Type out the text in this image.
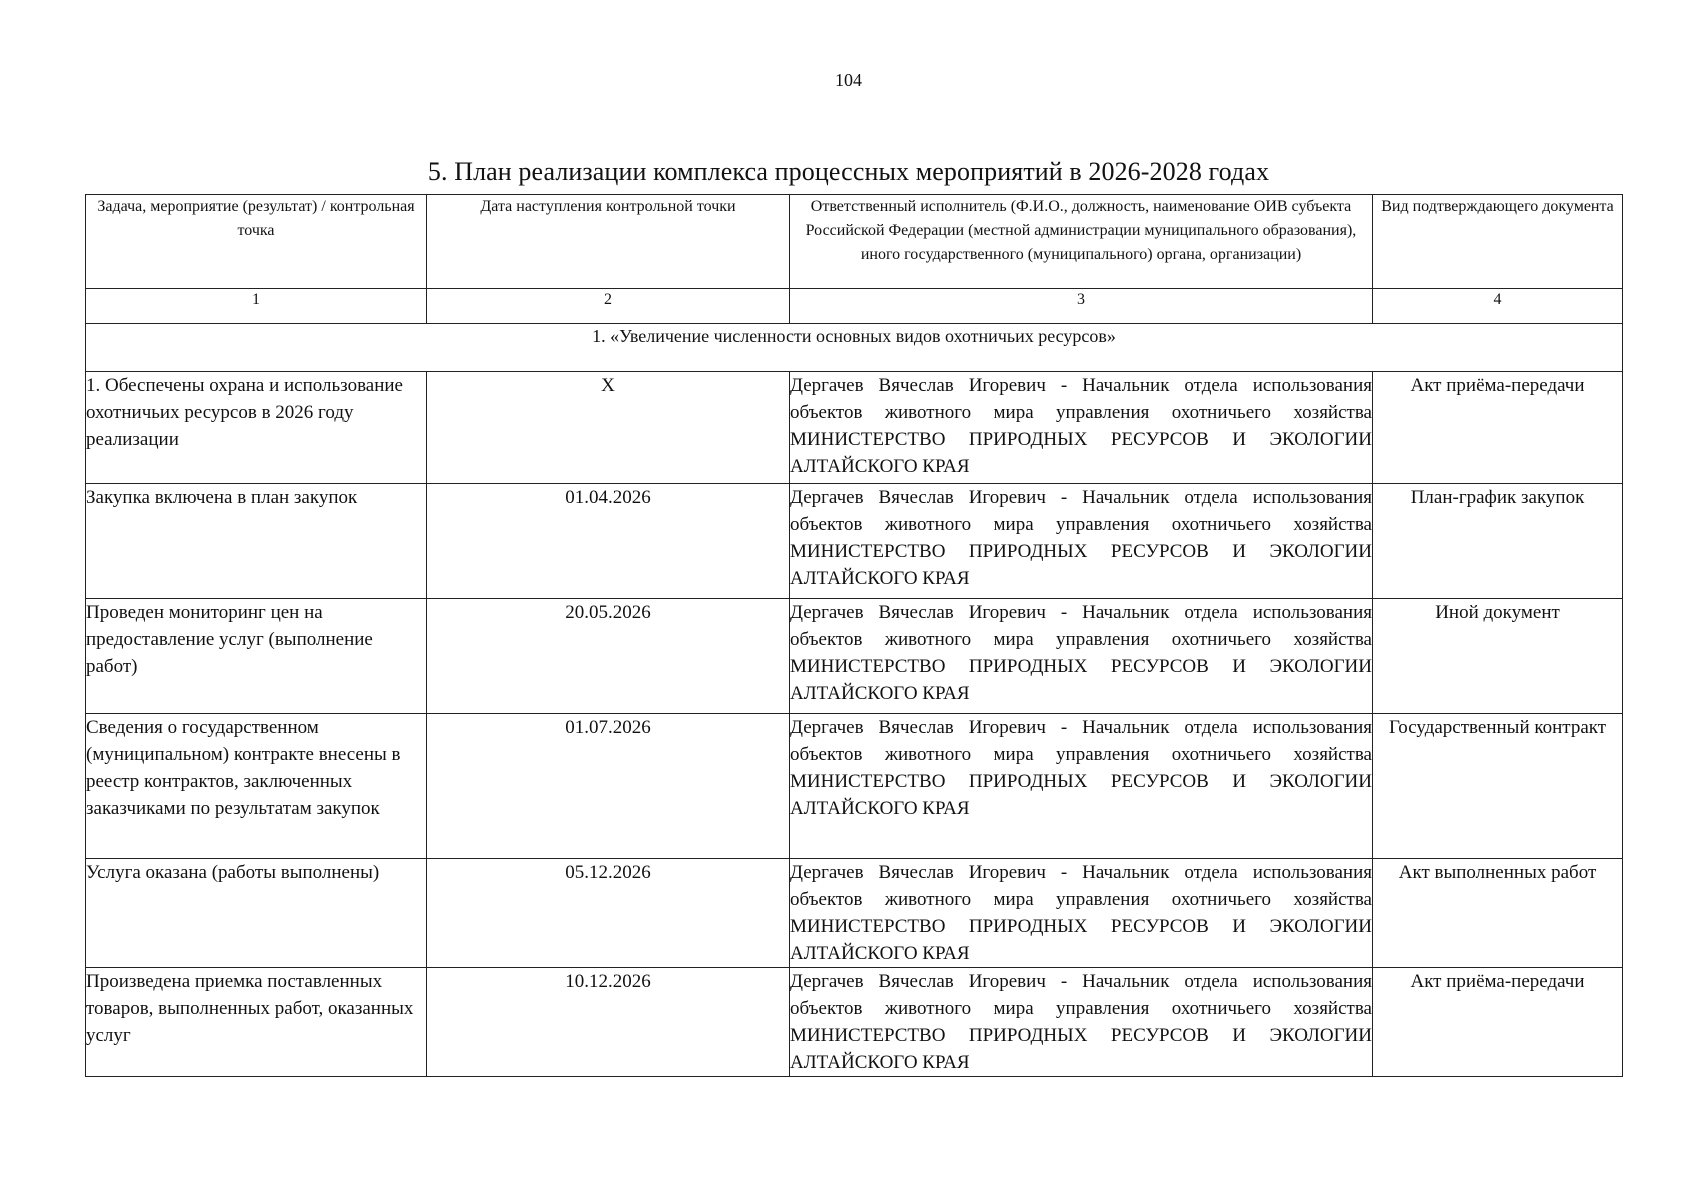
104
5. План реализации комплекса процессных мероприятий в 2026-2028 годах
Задача, мероприятие (результат) / контрольная точка	Дата наступления контрольной точки	Ответственный исполнитель (Ф.И.О., должность, наименование ОИВ субъекта Российской Федерации (местной администрации муниципального образования), иного государственного (муниципального) органа, организации)	Вид подтверждающего документа
1	2	3	4
1. «Увеличение численности основных видов охотничьих ресурсов»			
1. Обеспечены охрана и использование охотничьих ресурсов в 2026 году реализации	X	Дергачев Вячеслав Игоревич - Начальник отдела использования объектов животного мира управления охотничьего хозяйства МИНИСТЕРСТВО ПРИРОДНЫХ РЕСУРСОВ И ЭКОЛОГИИ АЛТАЙСКОГО КРАЯ	Акт приёма-передачи
Закупка включена в план закупок	01.04.2026	Дергачев Вячеслав Игоревич - Начальник отдела использования объектов животного мира управления охотничьего хозяйства МИНИСТЕРСТВО ПРИРОДНЫХ РЕСУРСОВ И ЭКОЛОГИИ АЛТАЙСКОГО КРАЯ	План-график закупок
Проведен мониторинг цен на предоставление услуг (выполнение работ)	20.05.2026	Дергачев Вячеслав Игоревич - Начальник отдела использования объектов животного мира управления охотничьего хозяйства МИНИСТЕРСТВО ПРИРОДНЫХ РЕСУРСОВ И ЭКОЛОГИИ АЛТАЙСКОГО КРАЯ	Иной документ
Сведения о государственном (муниципальном) контракте внесены в реестр контрактов, заключенных заказчиками по результатам закупок	01.07.2026	Дергачев Вячеслав Игоревич - Начальник отдела использования объектов животного мира управления охотничьего хозяйства МИНИСТЕРСТВО ПРИРОДНЫХ РЕСУРСОВ И ЭКОЛОГИИ АЛТАЙСКОГО КРАЯ	Государственный контракт
Услуга оказана (работы выполнены)	05.12.2026	Дергачев Вячеслав Игоревич - Начальник отдела использования объектов животного мира управления охотничьего хозяйства МИНИСТЕРСТВО ПРИРОДНЫХ РЕСУРСОВ И ЭКОЛОГИИ АЛТАЙСКОГО КРАЯ	Акт выполненных работ
Произведена приемка поставленных товаров, выполненных работ, оказанных услуг	10.12.2026	Дергачев Вячеслав Игоревич - Начальник отдела использования объектов животного мира управления охотничьего хозяйства МИНИСТЕРСТВО ПРИРОДНЫХ РЕСУРСОВ И ЭКОЛОГИИ АЛТАЙСКОГО КРАЯ	Акт приёма-передачи
